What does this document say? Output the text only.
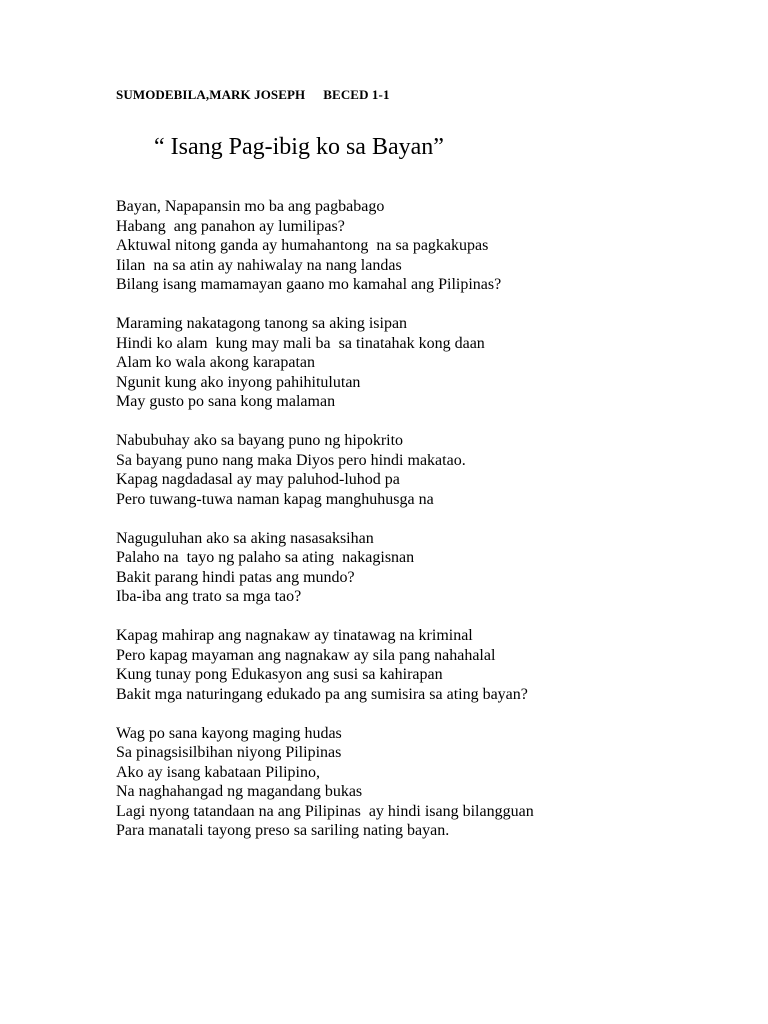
SUMODEBILA,MARK JOSEPH BECED 1-1
“ Isang Pag-ibig ko sa Bayan”
Bayan, Napapansin mo ba ang pagbabago
Habang  ang panahon ay lumilipas?
Aktuwal nitong ganda ay humahantong  na sa pagkakupas
Iilan  na sa atin ay nahiwalay na nang landas
Bilang isang mamamayan gaano mo kamahal ang Pilipinas?
Maraming nakatagong tanong sa aking isipan
Hindi ko alam  kung may mali ba  sa tinatahak kong daan
Alam ko wala akong karapatan
Ngunit kung ako inyong pahihitulutan
May gusto po sana kong malaman
Nabubuhay ako sa bayang puno ng hipokrito
Sa bayang puno nang maka Diyos pero hindi makatao.
Kapag nagdadasal ay may paluhod-luhod pa
Pero tuwang-tuwa naman kapag manghuhusga na
Naguguluhan ako sa aking nasasaksihan
Palaho na  tayo ng palaho sa ating  nakagisnan
Bakit parang hindi patas ang mundo?
Iba-iba ang trato sa mga tao?
Kapag mahirap ang nagnakaw ay tinatawag na kriminal
Pero kapag mayaman ang nagnakaw ay sila pang nahahalal
Kung tunay pong Edukasyon ang susi sa kahirapan
Bakit mga naturingang edukado pa ang sumisira sa ating bayan?
Wag po sana kayong maging hudas
Sa pinagsisilbihan niyong Pilipinas
Ako ay isang kabataan Pilipino,
Na naghahangad ng magandang bukas
Lagi nyong tatandaan na ang Pilipinas  ay hindi isang bilangguan
Para manatali tayong preso sa sariling nating bayan.
